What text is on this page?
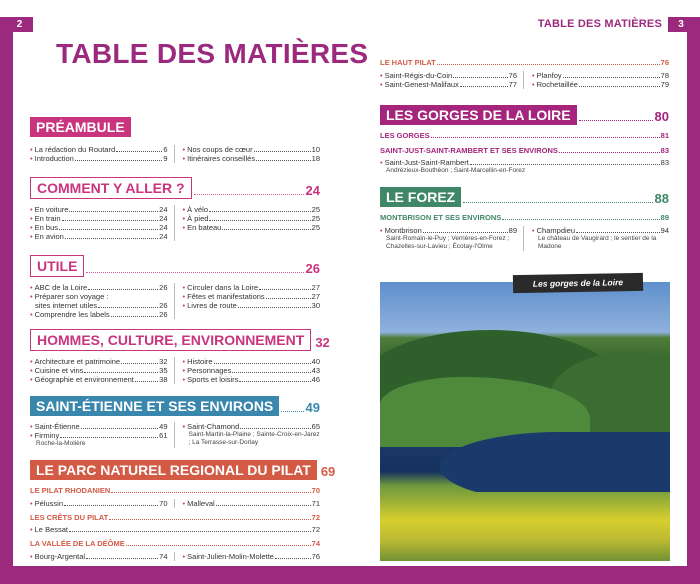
2	3
TABLE DES MATIÈRES
TABLE DES MATIÈRES
PRÉAMBULE
• La rédaction du Routard	6
• Introduction	9
• Nos coups de cœur	10
• Itinéraires conseillés	18
COMMENT Y ALLER ?	24
• En voiture	24
• En train	24
• En bus	24
• En avion	24
• À vélo	25
• À pied	25
• En bateau	25
UTILE	26
• ABC de la Loire	26
• Préparer son voyage :
sites internet utiles	26
• Comprendre les labels	26
• Circuler dans la Loire	27
• Fêtes et manifestations	27
• Livres de route	30
HOMMES, CULTURE, ENVIRONNEMENT 32
• Architecture et patrimoine	32
• Cuisine et vins	35
• Géographie et environnement	38
• Histoire	40
• Personnages	43
• Sports et loisirs	46
SAINT-ÉTIENNE ET SES ENVIRONS	49
• Saint-Étienne	49
• Firminy	61
Roche-la-Molière
• Saint-Chamond	65
Saint-Martin-la-Plaine ; Sainte-Croix-en-Jarez ; La Terrasse-sur-Dorlay
LE PARC NATUREL REGIONAL DU PILAT 69
LE PILAT RHODANIEN	70
• Pélussin	70 • Malleval	71
LES CRÊTS DU PILAT	72
• Le Bessat	72
LA VALLÉE DE LA DÉÔME	74
• Bourg-Argental	74 • Saint-Julien-Molin-Molette	76
LE HAUT PILAT	76
• Saint-Régis-du-Coin	76
• Saint-Genest-Malifaux	77
• Planfoy	78
• Rochetaillée	79
LES GORGES DE LA LOIRE	80
LES GORGES	81
SAINT-JUST-SAINT-RAMBERT ET SES ENVIRONS	83
• Saint-Just-Saint-Rambert	83
Andrézieux-Bouthéon ; Saint-Marcellin-en-Forez
LE FOREZ	88
MONTBRISON ET SES ENVIRONS	89
• Montbrison	89
Saint-Romain-le-Puy ; Verrières-en-Forez ; Chazelles-sur-Lavieu ; Écotay-l'Olme
• Champdieu	94
Le château de Vaugirard ; le sentier de la Madone
Les gorges de la Loire
© GUIZIOU Franck / hemis.fr
